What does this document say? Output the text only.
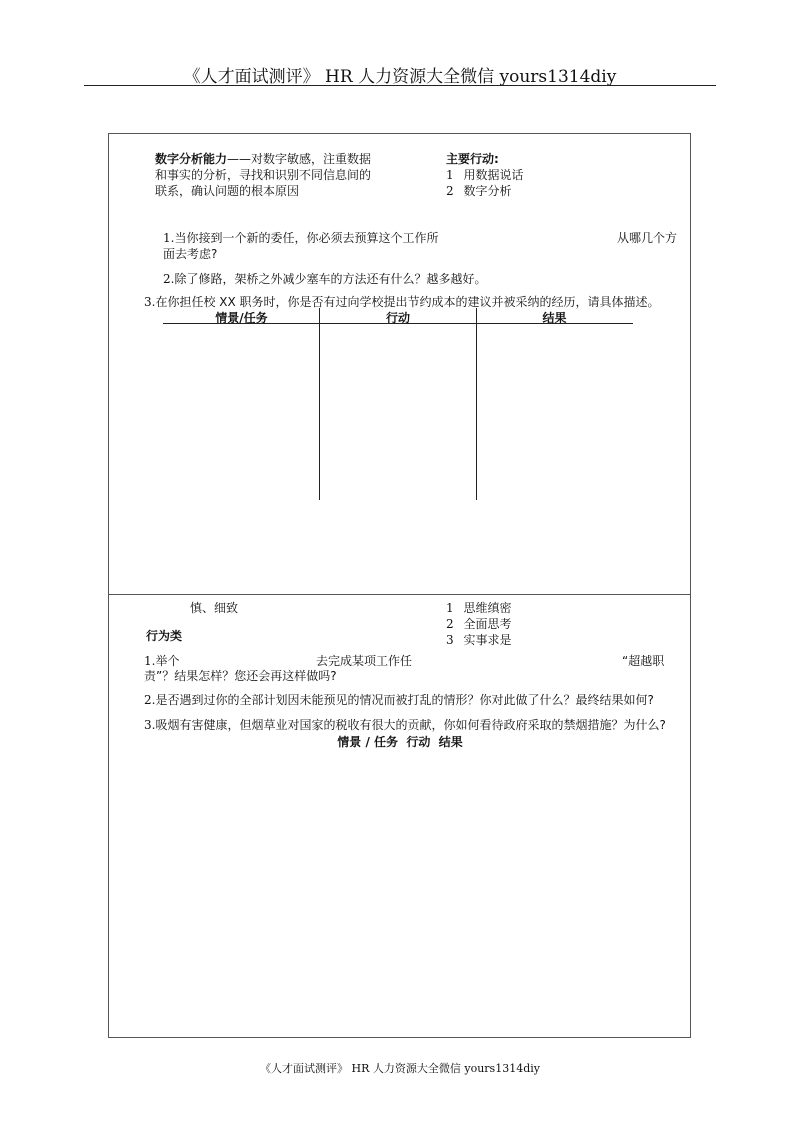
《人才面试测评》 HR 人力资源大全微信 yours1314diy
数字分析能力——对数字敏感，注重数据
和事实的分析，寻找和识别不同信息间的
联系，确认问题的根本原因
主要行动:
1 用数据说话
2 数字分析
1.当你接到一个新的委任，你必须去预算这个工作所	从哪几个方
面去考虑?
2.除了修路，架桥之外减少塞车的方法还有什么？越多越好。
3.在你担任校 XX 职务时，你是否有过向学校提出节约成本的建议并被采纳的经历，请具体描述。
情景/任务	行动	结果
慎、细致
行为类
1 思维缜密
2 全面思考
3 实事求是
1.举个	去完成某项工作任	“超越职
责”？结果怎样？您还会再这样做吗?
2.是否遇到过你的全部计划因未能预见的情况而被打乱的情形？你对此做了什么？最终结果如何?
3.吸烟有害健康，但烟草业对国家的税收有很大的贡献，你如何看待政府采取的禁烟措施？为什么?
情景 / 任务  行动  结果
《人才面试测评》 HR 人力资源大全微信 yours1314diy
